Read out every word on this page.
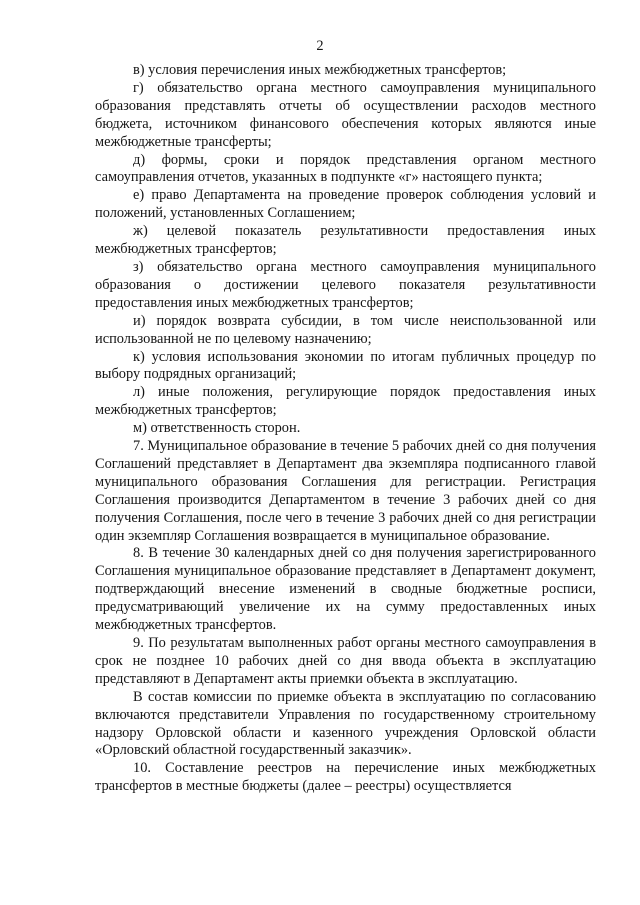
2

в) условия перечисления иных межбюджетных трансфертов;

г) обязательство органа местного самоуправления муниципального образования представлять отчеты об осуществлении расходов местного бюджета, источником финансового обеспечения которых являются иные межбюджетные трансферты;

д) формы, сроки и порядок представления органом местного самоуправления отчетов, указанных в подпункте «г» настоящего пункта;

е) право Департамента на проведение проверок соблюдения условий и положений, установленных Соглашением;

ж) целевой показатель результативности предоставления иных межбюджетных трансфертов;

з) обязательство органа местного самоуправления муниципального образования о достижении целевого показателя результативности предоставления иных межбюджетных трансфертов;

и) порядок возврата субсидии, в том числе неиспользованной или использованной не по целевому назначению;

к) условия использования экономии по итогам публичных процедур по выбору подрядных организаций;

л) иные положения, регулирующие порядок предоставления иных межбюджетных трансфертов;

м) ответственность сторон.

7. Муниципальное образование в течение 5 рабочих дней со дня получения Соглашений представляет в Департамент два экземпляра подписанного главой муниципального образования Соглашения для регистрации. Регистрация Соглашения производится Департаментом в течение 3 рабочих дней со дня получения Соглашения, после чего в течение 3 рабочих дней со дня регистрации один экземпляр Соглашения возвращается в муниципальное образование.

8. В течение 30 календарных дней со дня получения зарегистрированного Соглашения муниципальное образование представляет в Департамент документ, подтверждающий внесение изменений в сводные бюджетные росписи, предусматривающий увеличение их на сумму предоставленных иных межбюджетных трансфертов.

9. По результатам выполненных работ органы местного самоуправления в срок не позднее 10 рабочих дней со дня ввода объекта в эксплуатацию представляют в Департамент акты приемки объекта в эксплуатацию.

В состав комиссии по приемке объекта в эксплуатацию по согласованию включаются представители Управления по государственному строительному надзору Орловской области и казенного учреждения Орловской области «Орловский областной государственный заказчик».

10. Составление реестров на перечисление иных межбюджетных трансфертов в местные бюджеты (далее – реестры) осуществляется
